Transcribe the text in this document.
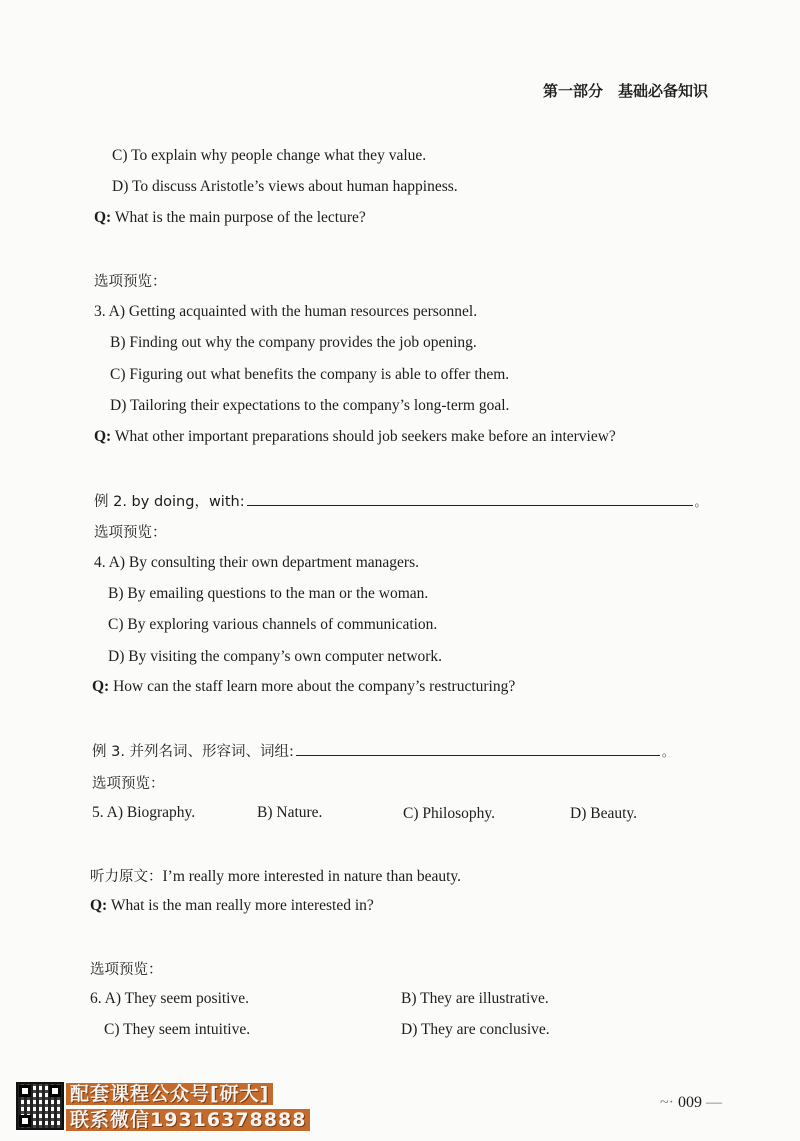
第一部分　基础必备知识
C) To explain why people change what they value.
D) To discuss Aristotle’s views about human happiness.
Q: What is the main purpose of the lecture?
选项预览：
3. A) Getting acquainted with the human resources personnel.
B) Finding out why the company provides the job opening.
C) Figuring out what benefits the company is able to offer them.
D) Tailoring their expectations to the company’s long-term goal.
Q: What other important preparations should job seekers make before an interview?
例 2. by doing，with:	。
选项预览：
4. A) By consulting their own department managers.
B) By emailing questions to the man or the woman.
C) By exploring various channels of communication.
D) By visiting the company’s own computer network.
Q: How can the staff learn more about the company’s restructuring?
例 3. 并列名词、形容词、词组:	。
选项预览：
5. A) Biography.	B) Nature.	C) Philosophy.	D) Beauty.
听力原文：I’m really more interested in nature than beauty.
Q: What is the man really more interested in?
选项预览：
6. A) They seem positive.	B) They are illustrative.
C) They seem intuitive.	D) They are conclusive.
配套课程公众号[研大]
联系微信19316378888
~· 009 —
